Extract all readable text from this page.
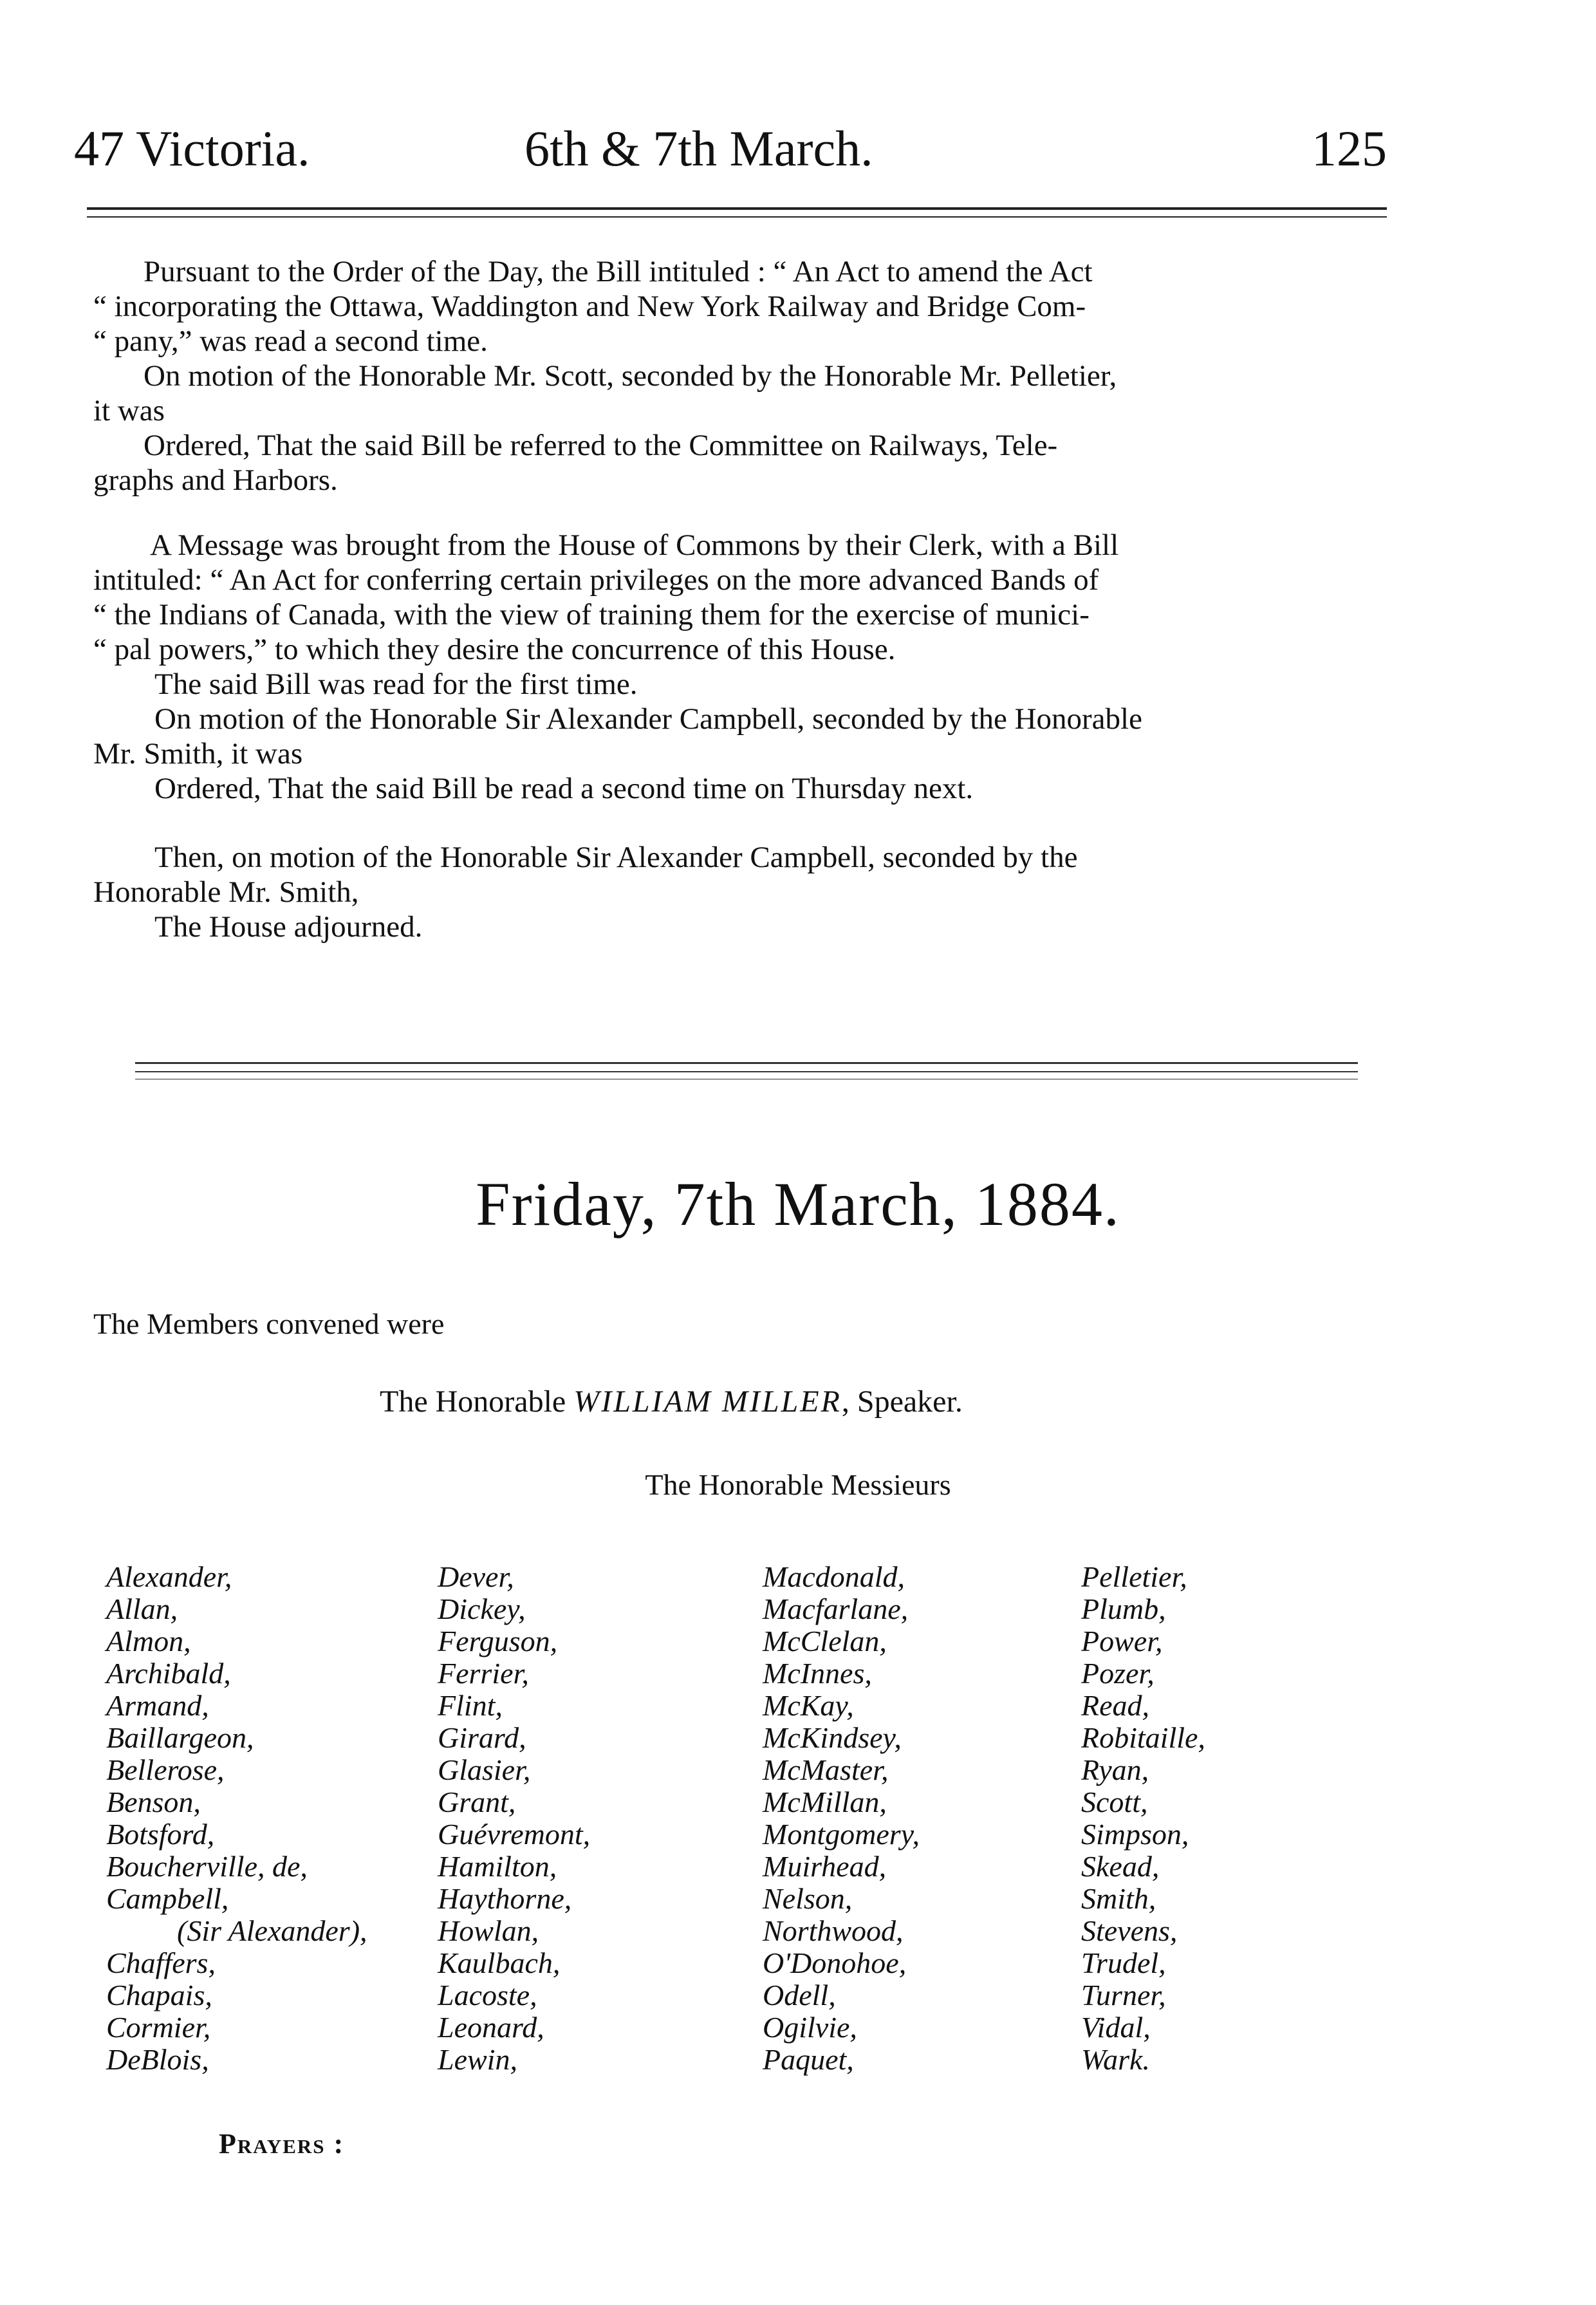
47 Victoria.	6th & 7th March.	125

Pursuant to the Order of the Day, the Bill intituled : “ An Act to amend the Act
“ incorporating the Ottawa, Waddington and New York Railway and Bridge Com-
“ pany,” was read a second time.
On motion of the Honorable Mr. Scott, seconded by the Honorable Mr. Pelletier,
it was
Ordered, That the said Bill be referred to the Committee on Railways, Tele-
graphs and Harbors.

A Message was brought from the House of Commons by their Clerk, with a Bill
intituled: “ An Act for conferring certain privileges on the more advanced Bands of
“ the Indians of Canada, with the view of training them for the exercise of munici-
“ pal powers,” to which they desire the concurrence of this House.
The said Bill was read for the first time.
On motion of the Honorable Sir Alexander Campbell, seconded by the Honorable
Mr. Smith, it was
Ordered, That the said Bill be read a second time on Thursday next.

Then, on motion of the Honorable Sir Alexander Campbell, seconded by the
Honorable Mr. Smith,
The House adjourned.

Friday, 7th March, 1884.
The Members convened were
The Honorable WILLIAM MILLER, Speaker.
The Honorable Messieurs
Alexander,
Allan,
Almon,
Archibald,
Armand,
Baillargeon,
Bellerose,
Benson,
Botsford,
Boucherville, de,
Campbell,
(Sir Alexander),
Chaffers,
Chapais,
Cormier,
DeBlois,
Dever,
Dickey,
Ferguson,
Ferrier,
Flint,
Girard,
Glasier,
Grant,
Guévremont,
Hamilton,
Haythorne,
Howlan,
Kaulbach,
Lacoste,
Leonard,
Lewin,
Macdonald,
Macfarlane,
McClelan,
McInnes,
McKay,
McKindsey,
McMaster,
McMillan,
Montgomery,
Muirhead,
Nelson,
Northwood,
O'Donohoe,
Odell,
Ogilvie,
Paquet,
Pelletier,
Plumb,
Power,
Pozer,
Read,
Robitaille,
Ryan,
Scott,
Simpson,
Skead,
Smith,
Stevens,
Trudel,
Turner,
Vidal,
Wark.
Prayers :
